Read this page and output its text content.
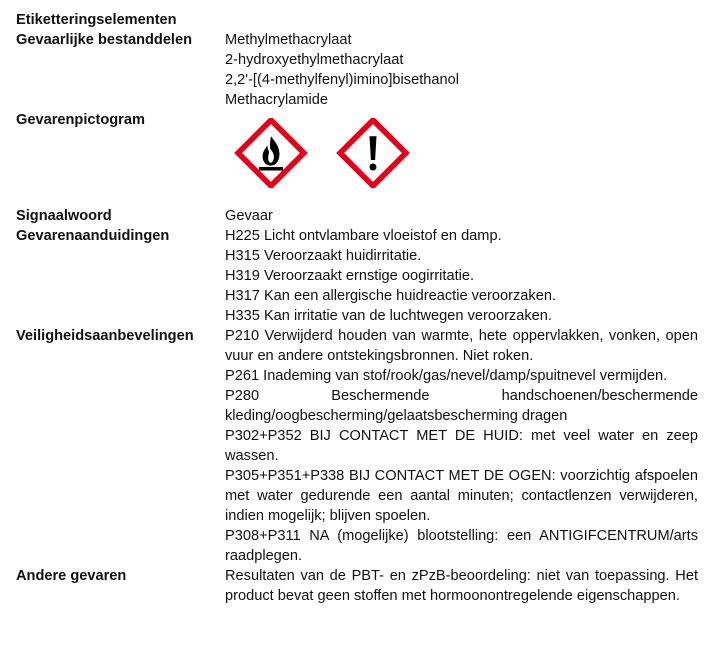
Etiketteringselementen
Gevaarlijke bestanddelen	Methylmethacrylaat
2-hydroxyethylmethacrylaat
2,2'-[(4-methylfenyl)imino]bisethanol
Methacrylamide
Gevarenpictogram
Signaalwoord	Gevaar
Gevarenaanduidingen	H225 Licht ontvlambare vloeistof en damp.
H315 Veroorzaakt huidirritatie.
H319 Veroorzaakt ernstige oogirritatie.
H317 Kan een allergische huidreactie veroorzaken.
H335 Kan irritatie van de luchtwegen veroorzaken.
Veiligheidsaanbevelingen	P210 Verwijderd houden van warmte, hete oppervlakken, vonken, open vuur en andere ontstekingsbronnen. Niet roken.
P261 Inademing van stof/rook/gas/nevel/damp/spuitnevel vermijden.
P280 Beschermende handschoenen/beschermende kleding/oogbescherming/gelaatsbescherming dragen
P302+P352 BIJ CONTACT MET DE HUID: met veel water en zeep wassen.
P305+P351+P338 BIJ CONTACT MET DE OGEN: voorzichtig afspoelen met water gedurende een aantal minuten; contactlenzen verwijderen, indien mogelijk; blijven spoelen.
P308+P311 NA (mogelijke) blootstelling: een ANTIGIFCENTRUM/arts raadplegen.
Andere gevaren	Resultaten van de PBT- en zPzB-beoordeling: niet van toepassing. Het product bevat geen stoffen met hormoonontregelende eigenschappen.
